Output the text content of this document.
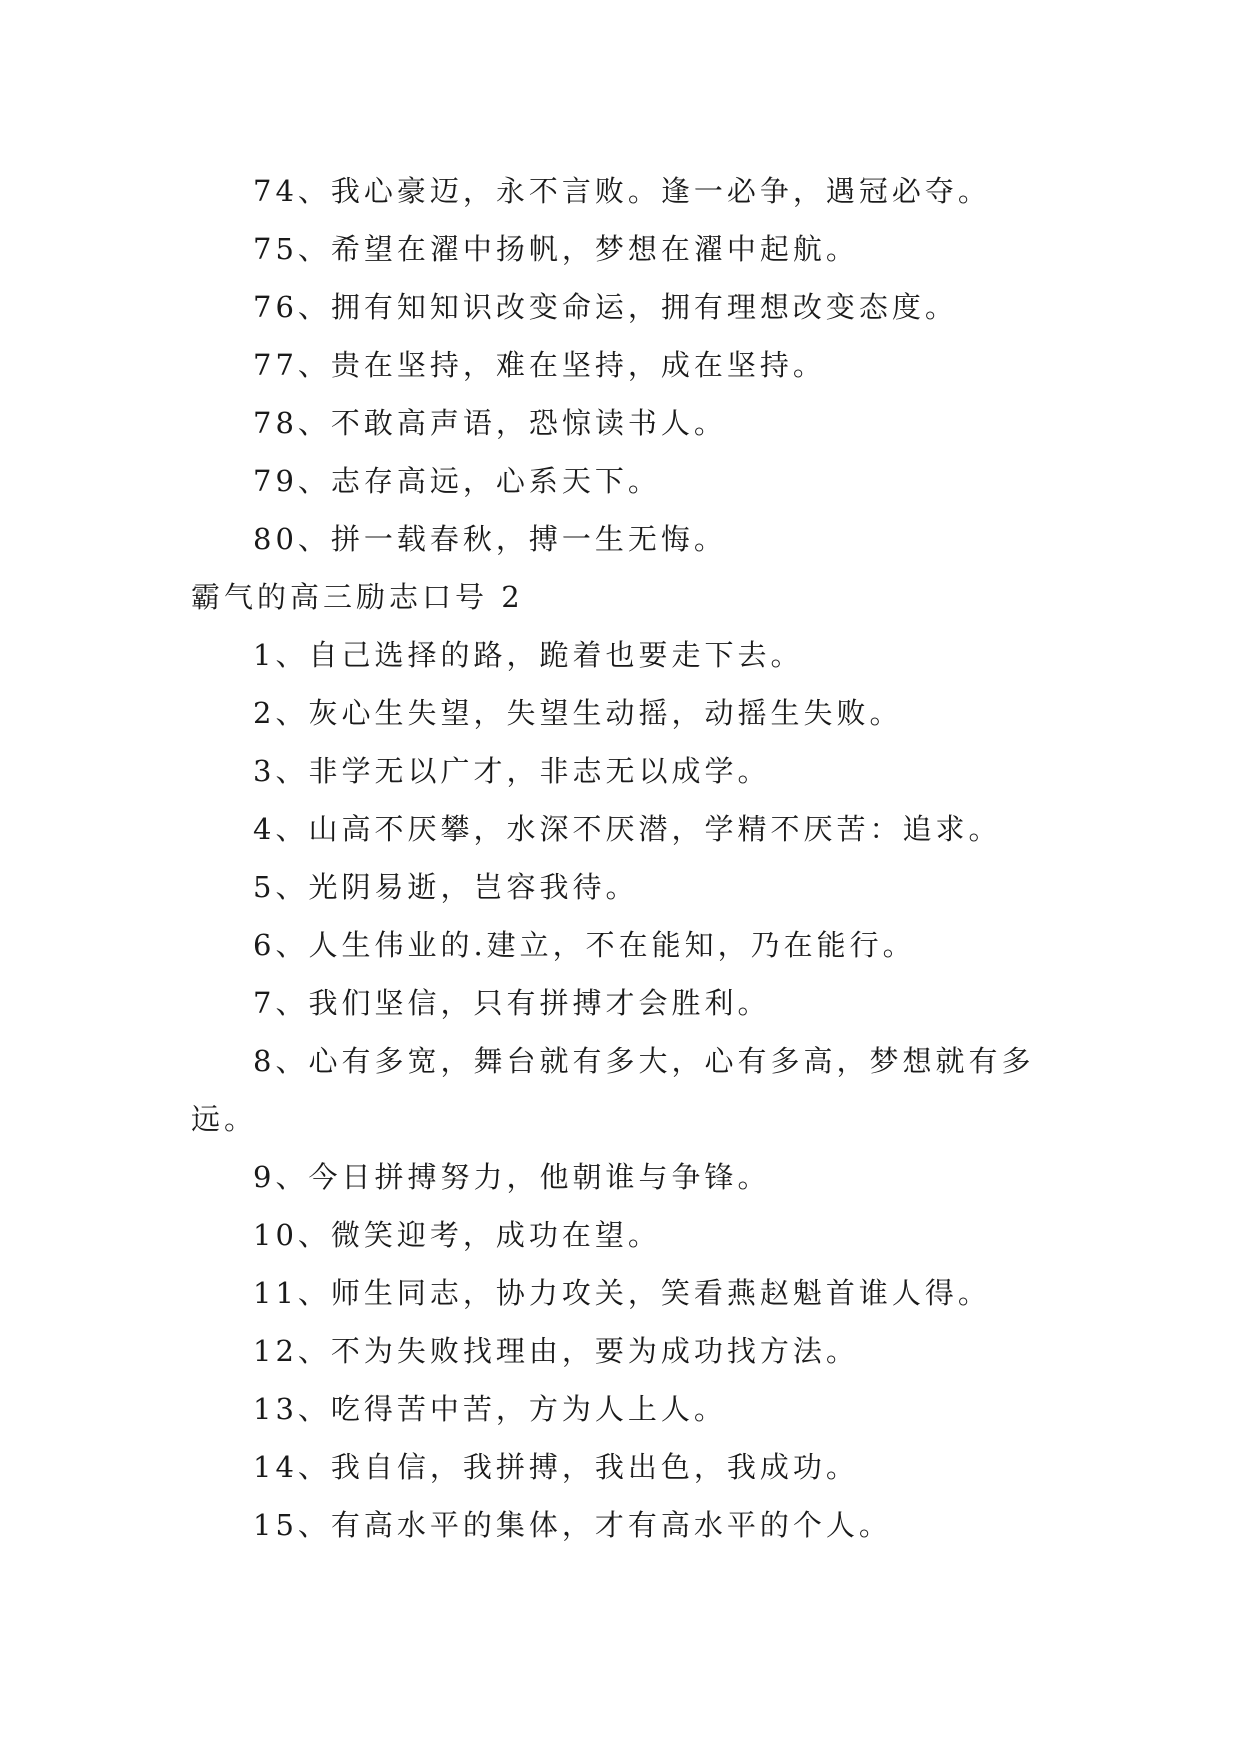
74、我心豪迈，永不言败。逢一必争，遇冠必夺。

75、希望在濯中扬帆，梦想在濯中起航。

76、拥有知知识改变命运，拥有理想改变态度。

77、贵在坚持，难在坚持，成在坚持。

78、不敢高声语，恐惊读书人。

79、志存高远，心系天下。

80、拼一载春秋，搏一生无悔。

霸气的高三励志口号 2

1、自己选择的路，跪着也要走下去。

2、灰心生失望，失望生动摇，动摇生失败。

3、非学无以广才，非志无以成学。

4、山高不厌攀，水深不厌潜，学精不厌苦：追求。

5、光阴易逝，岂容我待。

6、人生伟业的.建立，不在能知，乃在能行。

7、我们坚信，只有拼搏才会胜利。

8、心有多宽，舞台就有多大，心有多高，梦想就有多

远。

9、今日拼搏努力，他朝谁与争锋。

10、微笑迎考，成功在望。

11、师生同志，协力攻关，笑看燕赵魁首谁人得。

12、不为失败找理由，要为成功找方法。

13、吃得苦中苦，方为人上人。

14、我自信，我拼搏，我出色，我成功。

15、有高水平的集体，才有高水平的个人。
